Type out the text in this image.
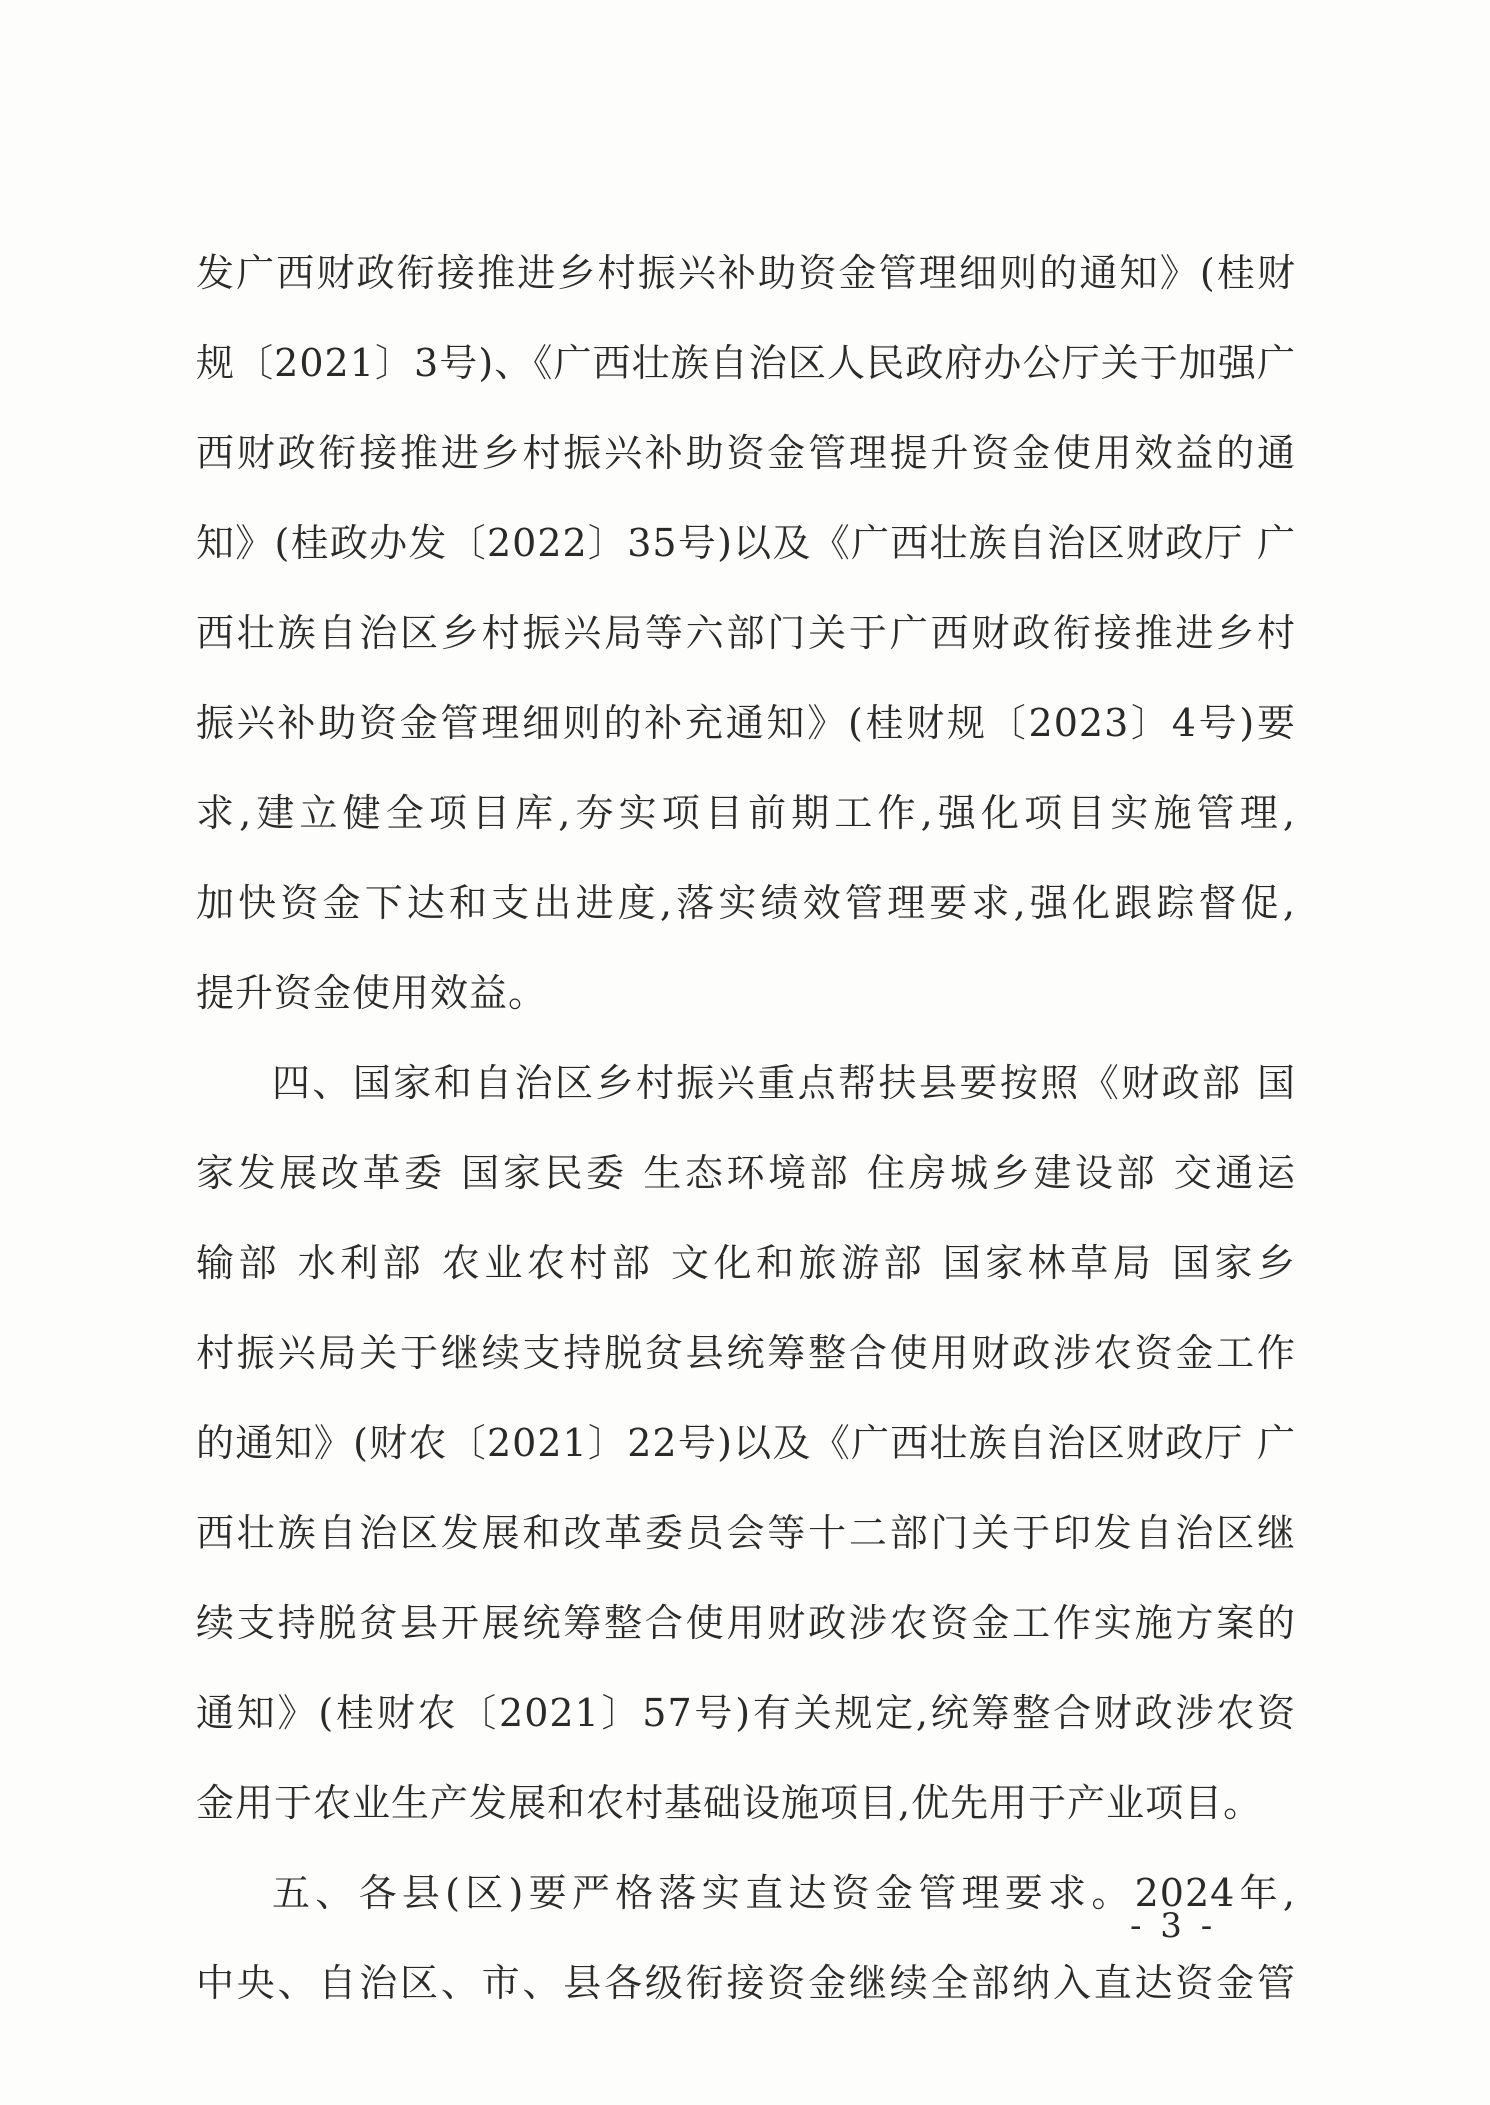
发广西财政衔接推进乡村振兴补助资金管理细则的通知》(桂财
规〔2021〕3号)、《广西壮族自治区人民政府办公厅关于加强广
西财政衔接推进乡村振兴补助资金管理提升资金使用效益的通
知》(桂政办发〔2022〕35号)以及《广西壮族自治区财政厅 广
西壮族自治区乡村振兴局等六部门关于广西财政衔接推进乡村
振兴补助资金管理细则的补充通知》(桂财规〔2023〕4号)要
求,建立健全项目库,夯实项目前期工作,强化项目实施管理,
加快资金下达和支出进度,落实绩效管理要求,强化跟踪督促,
提升资金使用效益。
四、国家和自治区乡村振兴重点帮扶县要按照《财政部 国
家发展改革委 国家民委 生态环境部 住房城乡建设部 交通运
输部 水利部 农业农村部 文化和旅游部 国家林草局 国家乡
村振兴局关于继续支持脱贫县统筹整合使用财政涉农资金工作
的通知》(财农〔2021〕22号)以及《广西壮族自治区财政厅 广
西壮族自治区发展和改革委员会等十二部门关于印发自治区继
续支持脱贫县开展统筹整合使用财政涉农资金工作实施方案的
通知》(桂财农〔2021〕57号)有关规定,统筹整合财政涉农资
金用于农业生产发展和农村基础设施项目,优先用于产业项目。
五、各县(区)要严格落实直达资金管理要求。2024年,
中央、自治区、市、县各级衔接资金继续全部纳入直达资金管
- 3 -
